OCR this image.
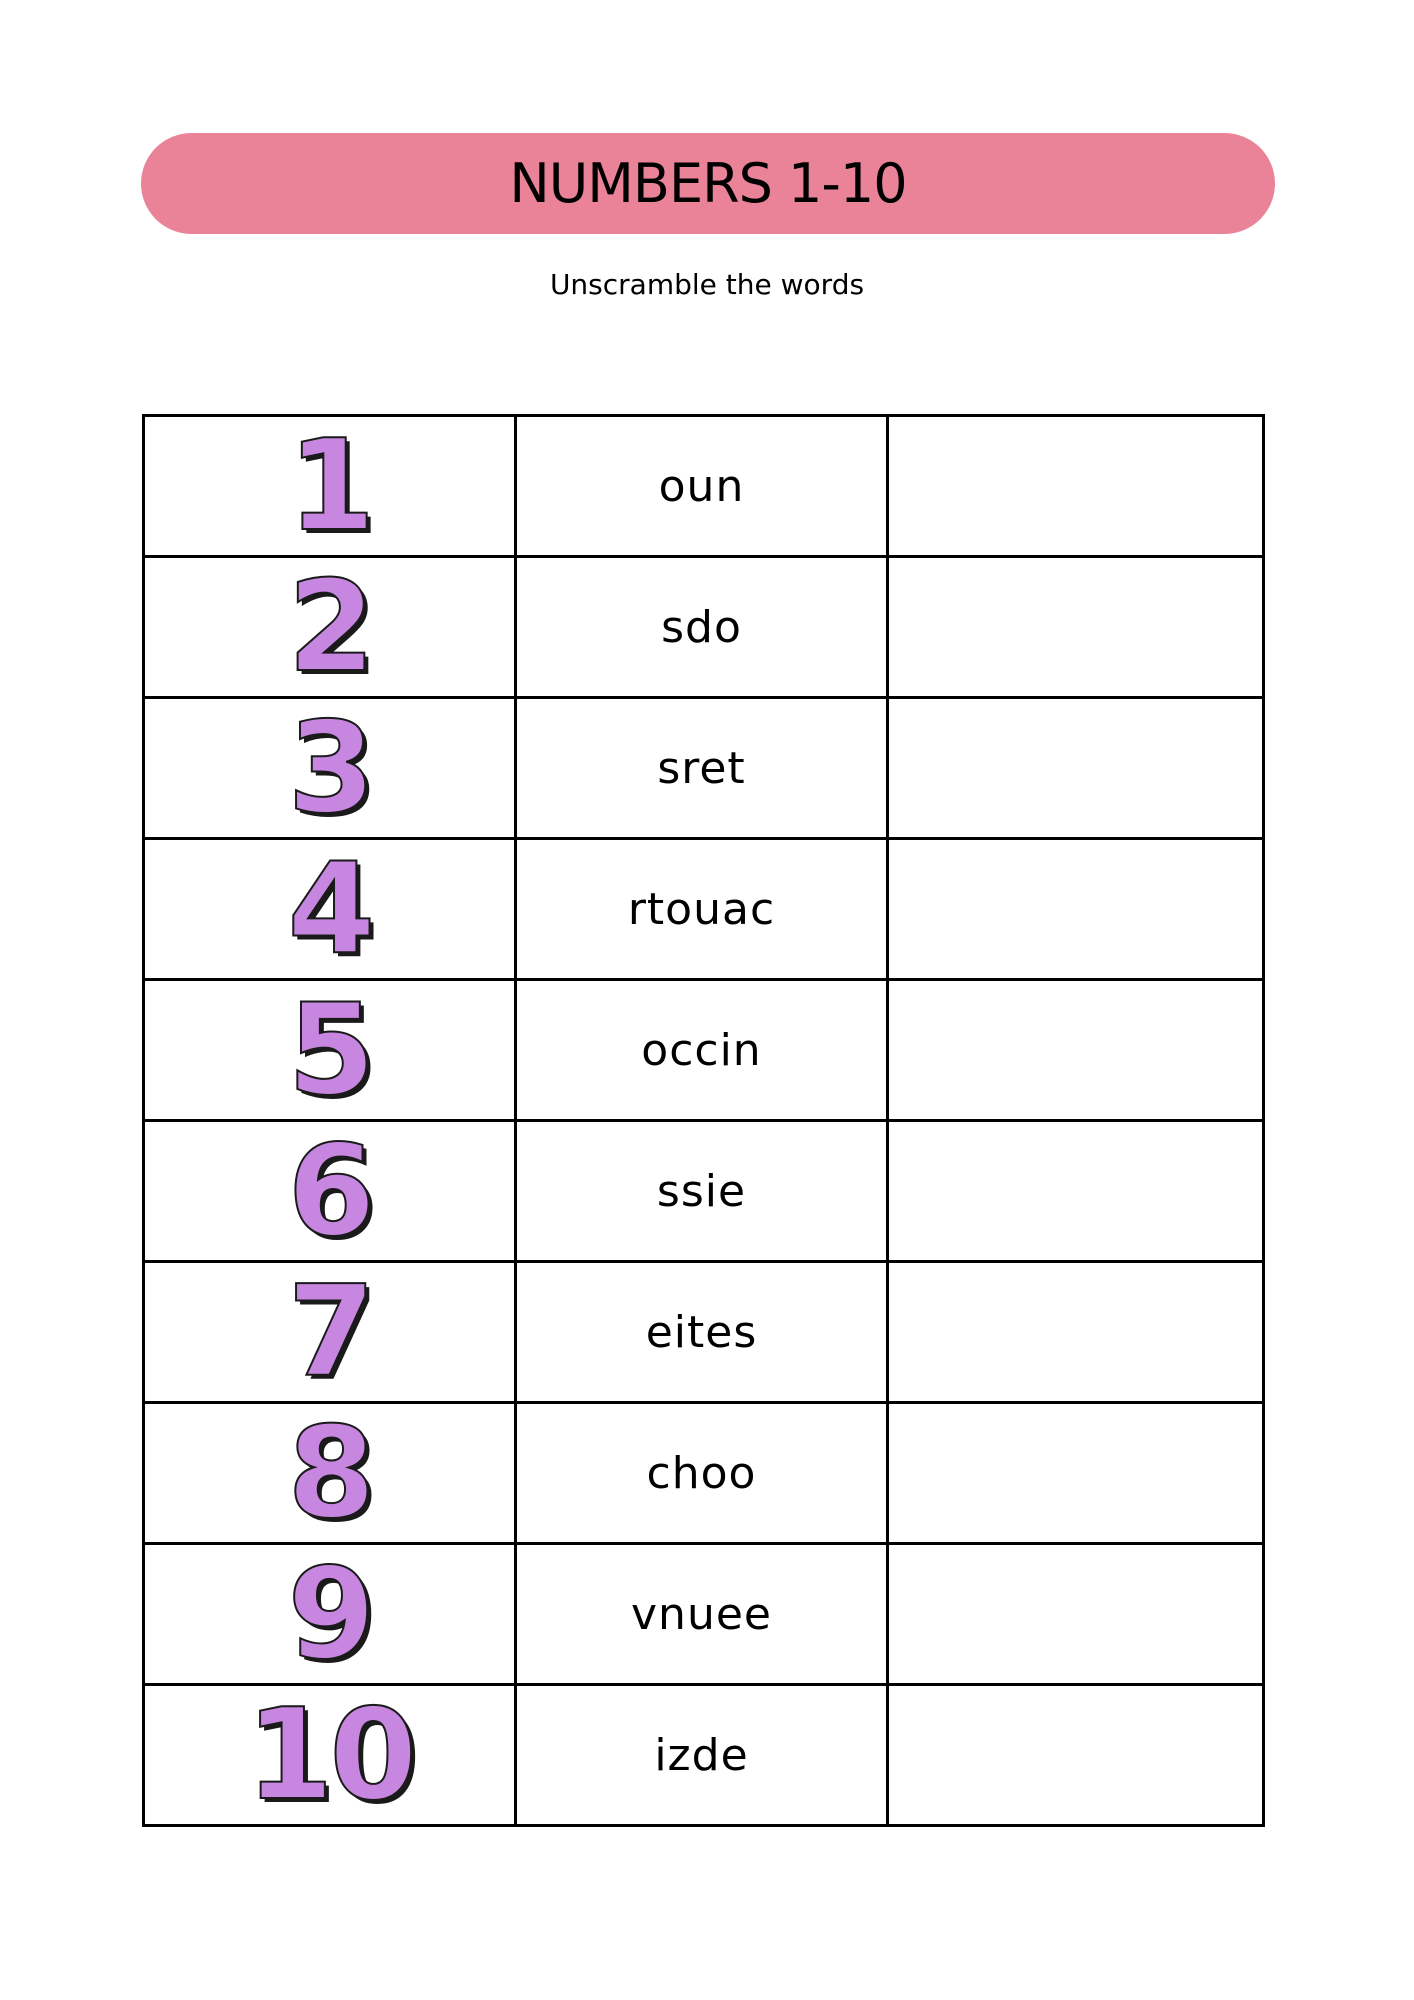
NUMBERS 1-10
Unscramble the words
1	oun	
2	sdo	
3	sret	
4	rtouac	
5	occin	
6	ssie	
7	eites	
8	choo	
9	vnuee	
10	izde	
